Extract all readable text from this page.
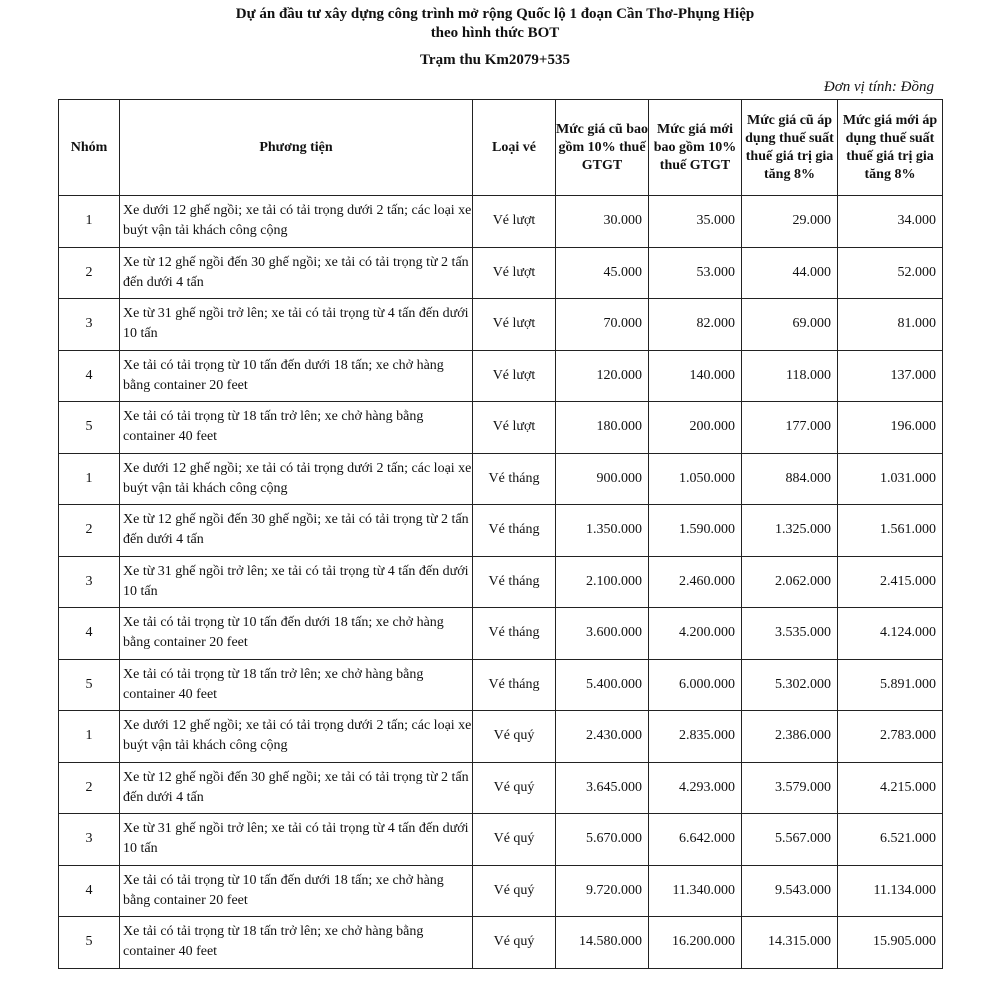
Dự án đầu tư xây dựng công trình mở rộng Quốc lộ 1 đoạn Cần Thơ-Phụng Hiệp
theo hình thức BOT
Trạm thu Km2079+535
Đơn vị tính: Đồng
Nhóm	Phương tiện	Loại vé	Mức giá cũ bao gồm 10% thuế GTGT	Mức giá mới bao gồm 10% thuế GTGT	Mức giá cũ áp dụng thuế suất thuế giá trị gia tăng 8%	Mức giá mới áp dụng thuế suất thuế giá trị gia tăng 8%
1	Xe dưới 12 ghế ngồi; xe tải có tải trọng dưới 2 tấn; các loại xe buýt vận tải khách công cộng	Vé lượt	30.000	35.000	29.000	34.000
2	Xe từ 12 ghế ngồi đến 30 ghế ngồi; xe tải có tải trọng từ 2 tấn đến dưới 4 tấn	Vé lượt	45.000	53.000	44.000	52.000
3	Xe từ 31 ghế ngồi trở lên; xe tải có tải trọng từ 4 tấn đến dưới 10 tấn	Vé lượt	70.000	82.000	69.000	81.000
4	Xe tải có tải trọng từ 10 tấn đến dưới 18 tấn; xe chở hàng bằng container 20 feet	Vé lượt	120.000	140.000	118.000	137.000
5	Xe tải có tải trọng từ 18 tấn trở lên; xe chở hàng bằng container 40 feet	Vé lượt	180.000	200.000	177.000	196.000
1	Xe dưới 12 ghế ngồi; xe tải có tải trọng dưới 2 tấn; các loại xe buýt vận tải khách công cộng	Vé tháng	900.000	1.050.000	884.000	1.031.000
2	Xe từ 12 ghế ngồi đến 30 ghế ngồi; xe tải có tải trọng từ 2 tấn đến dưới 4 tấn	Vé tháng	1.350.000	1.590.000	1.325.000	1.561.000
3	Xe từ 31 ghế ngồi trở lên; xe tải có tải trọng từ 4 tấn đến dưới 10 tấn	Vé tháng	2.100.000	2.460.000	2.062.000	2.415.000
4	Xe tải có tải trọng từ 10 tấn đến dưới 18 tấn; xe chở hàng bằng container 20 feet	Vé tháng	3.600.000	4.200.000	3.535.000	4.124.000
5	Xe tải có tải trọng từ 18 tấn trở lên; xe chở hàng bằng container 40 feet	Vé tháng	5.400.000	6.000.000	5.302.000	5.891.000
1	Xe dưới 12 ghế ngồi; xe tải có tải trọng dưới 2 tấn; các loại xe buýt vận tải khách công cộng	Vé quý	2.430.000	2.835.000	2.386.000	2.783.000
2	Xe từ 12 ghế ngồi đến 30 ghế ngồi; xe tải có tải trọng từ 2 tấn đến dưới 4 tấn	Vé quý	3.645.000	4.293.000	3.579.000	4.215.000
3	Xe từ 31 ghế ngồi trở lên; xe tải có tải trọng từ 4 tấn đến dưới 10 tấn	Vé quý	5.670.000	6.642.000	5.567.000	6.521.000
4	Xe tải có tải trọng từ 10 tấn đến dưới 18 tấn; xe chở hàng bằng container 20 feet	Vé quý	9.720.000	11.340.000	9.543.000	11.134.000
5	Xe tải có tải trọng từ 18 tấn trở lên; xe chở hàng bằng container 40 feet	Vé quý	14.580.000	16.200.000	14.315.000	15.905.000
